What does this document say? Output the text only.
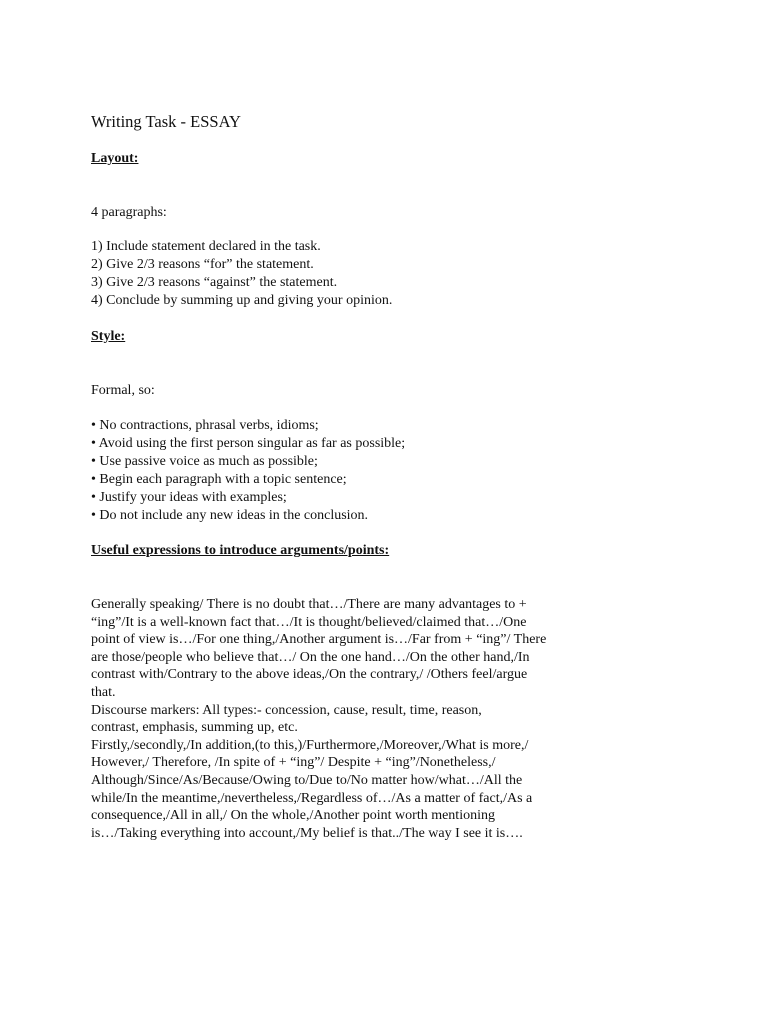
Writing Task - ESSAY
Layout:
4 paragraphs:
1) Include statement declared in the task.
2) Give 2/3 reasons “for” the statement.
3) Give 2/3 reasons “against” the statement.
4) Conclude by summing up and giving your opinion.
Style:
Formal, so:
• No contractions, phrasal verbs, idioms;
• Avoid using the first person singular as far as possible;
• Use passive voice as much as possible;
• Begin each paragraph with a topic sentence;
• Justify your ideas with examples;
• Do not include any new ideas in the conclusion.
Useful expressions to introduce arguments/points:
Generally speaking/ There is no doubt that…/There are many advantages to +
“ing”/It is a well-known fact that…/It is thought/believed/claimed that…/One
point of view is…/For one thing,/Another argument is…/Far from + “ing”/ There
are those/people who believe that…/ On the one hand…/On the other hand,/In
contrast with/Contrary to the above ideas,/On the contrary,/ /Others feel/argue
that.
Discourse markers: All types:- concession, cause, result, time, reason,
contrast, emphasis, summing up, etc.
Firstly,/secondly,/In addition,(to this,)/Furthermore,/Moreover,/What is more,/
However,/ Therefore, /In spite of + “ing”/ Despite + “ing”/Nonetheless,/
Although/Since/As/Because/Owing to/Due to/No matter how/what…/All the
while/In the meantime,/nevertheless,/Regardless of…/As a matter of fact,/As a
consequence,/All in all,/ On the whole,/Another point worth mentioning
is…/Taking everything into account,/My belief is that../The way I see it is….
